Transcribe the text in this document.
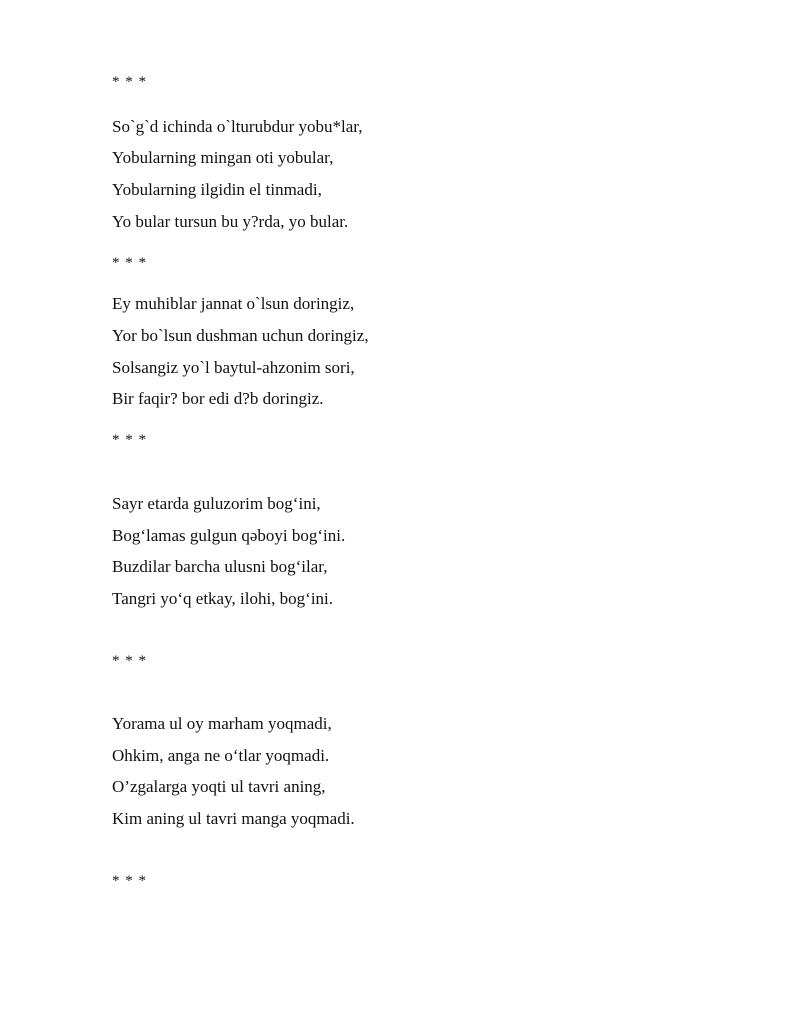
* * *
So`g`d ichinda o`lturubdur yobu*lar,
Yobularning mingan oti yobular,
Yobularning ilgidin el tinmadi,
Yo bular tursun bu y?rda, yo bular.
* * *
Ey muhiblar jannat o`lsun doringiz,
Yor bo`lsun dushman uchun doringiz,
Solsangiz yo`l baytul-ahzonim sori,
Bir faqir? bor edi d?b doringiz.
* * *
Sayr etarda guluzorim bog‘ini,
Bog‘lamas gulgun qəboyi bog‘ini.
Buzdilar barcha ulusni bog‘ilar,
Tangri yo‘q etkay, ilohi, bog‘ini.
* * *
Yorama ul oy marham yoqmadi,
Ohkim, anga ne o‘tlar yoqmadi.
O’zgalarga yoqti ul tavri aning,
Kim aning ul tavri manga yoqmadi.
* * *
